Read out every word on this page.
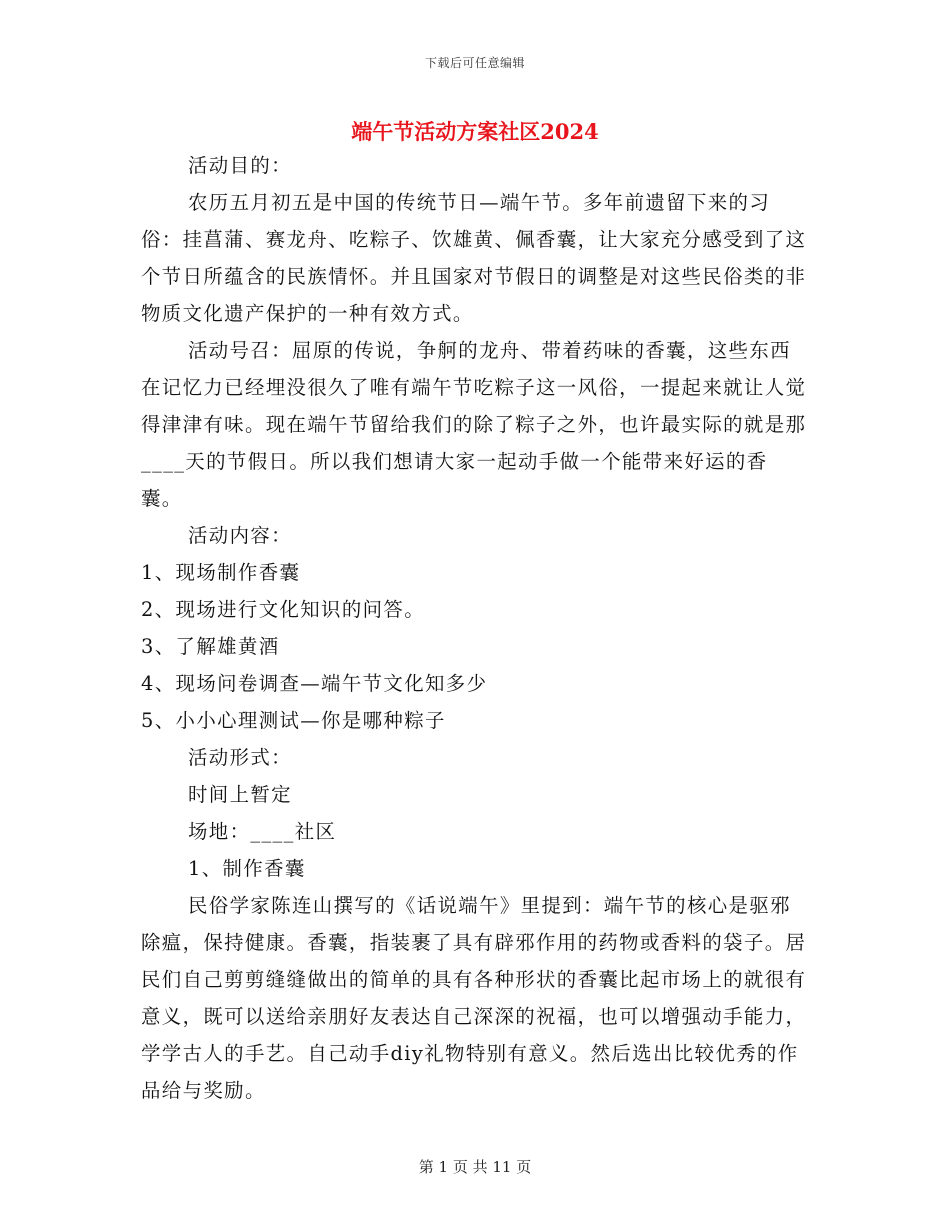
下载后可任意编辑
端午节活动方案社区2024

活动目的：

农历五月初五是中国的传统节日—端午节。多年前遗留下来的习俗：挂菖蒲、赛龙舟、吃粽子、饮雄黄、佩香囊，让大家充分感受到了这个节日所蕴含的民族情怀。并且国家对节假日的调整是对这些民俗类的非物质文化遗产保护的一种有效方式。

活动号召：屈原的传说，争舸的龙舟、带着药味的香囊，这些东西在记忆力已经埋没很久了唯有端午节吃粽子这一风俗，一提起来就让人觉得津津有味。现在端午节留给我们的除了粽子之外，也许最实际的就是那____天的节假日。所以我们想请大家一起动手做一个能带来好运的香囊。

活动内容：

1、现场制作香囊

2、现场进行文化知识的问答。

3、了解雄黄酒

4、现场问卷调查—端午节文化知多少

5、小小心理测试—你是哪种粽子

活动形式：

时间上暂定

场地：____社区

1、制作香囊

民俗学家陈连山撰写的《话说端午》里提到：端午节的核心是驱邪除瘟，保持健康。香囊，指装裹了具有辟邪作用的药物或香料的袋子。居民们自己剪剪缝缝做出的简单的具有各种形状的香囊比起市场上的就很有意义，既可以送给亲朋好友表达自己深深的祝福，也可以增强动手能力，学学古人的手艺。自己动手diy礼物特别有意义。然后选出比较优秀的作品给与奖励。

第 1 页 共 11 页
